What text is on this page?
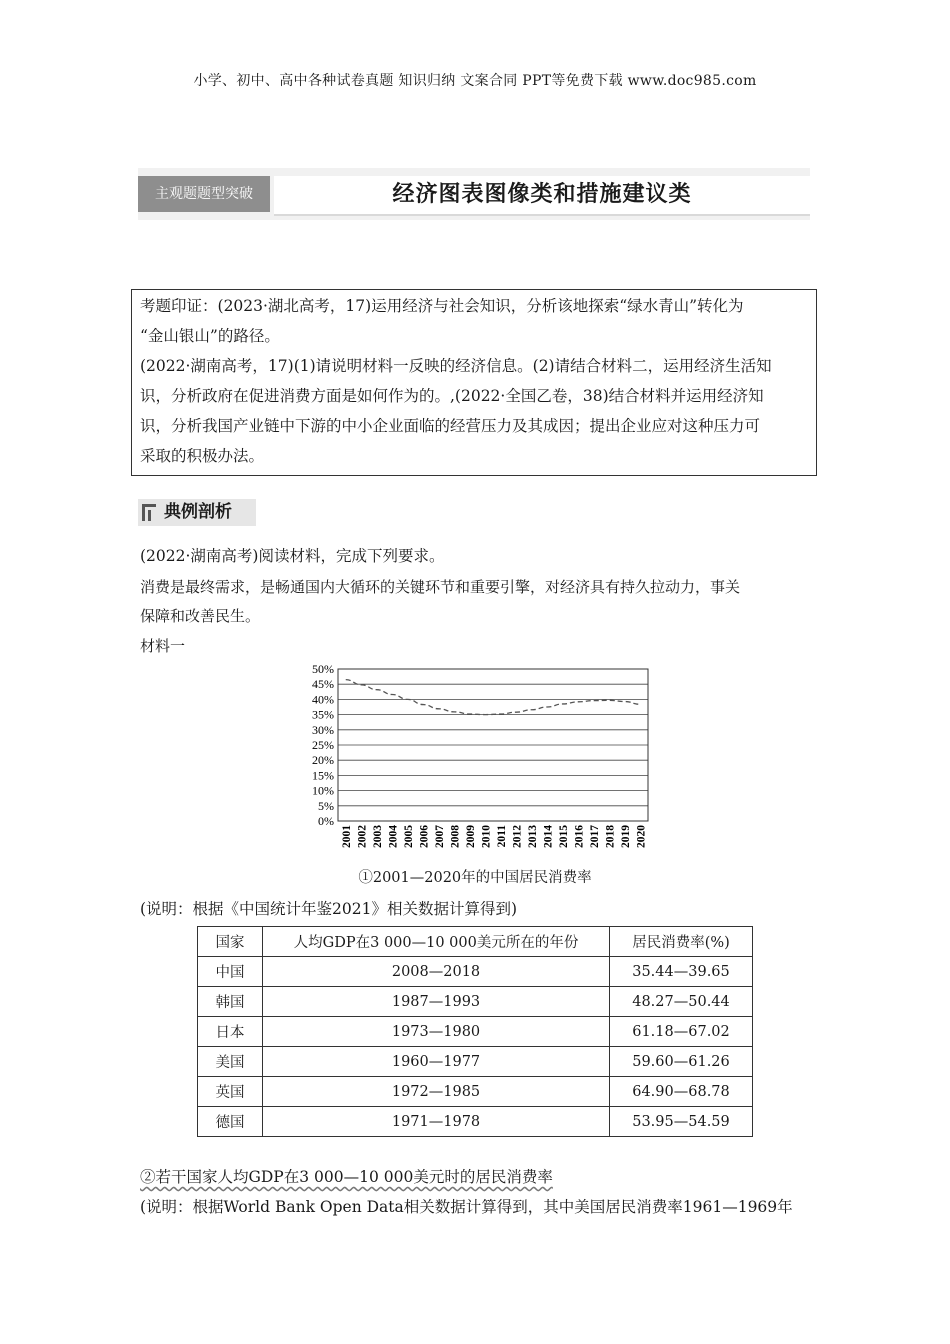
小学、初中、高中各种试卷真题 知识归纳 文案合同 PPT等免费下载 www.doc985.com
主观题题型突破	经济图表图像类和措施建议类
考题印证：(2023·湖北高考，17)运用经济与社会知识，分析该地探索“绿水青山”转化为
“金山银山”的路径。
(2022·湖南高考，17)(1)请说明材料一反映的经济信息。(2)请结合材料二，运用经济生活知
识，分析政府在促进消费方面是如何作为的。,(2022·全国乙卷，38)结合材料并运用经济知
识，分析我国产业链中下游的中小企业面临的经营压力及其成因；提出企业应对这种压力可
采取的积极办法。
典例剖析
(2022·湖南高考)阅读材料，完成下列要求。
消费是最终需求，是畅通国内大循环的关键环节和重要引擎，对经济具有持久拉动力，事关
保障和改善民生。
材料一
0%
5%
10%
15%
20%
25%
30%
35%
40%
45%
50%
2001 2002 2003 2004 2005 2006 2007 2008 2009 2010 2011 2012 2013 2014 2015 2016 2017 2018 2019 2020
①2001—2020年的中国居民消费率
(说明：根据《中国统计年鉴2021》相关数据计算得到)
国家	人均GDP在3 000—10 000美元所在的年份	居民消费率(%)
中国	2008—2018	35.44—39.65
韩国	1987—1993	48.27—50.44
日本	1973—1980	61.18—67.02
美国	1960—1977	59.60—61.26
英国	1972—1985	64.90—68.78
德国	1971—1978	53.95—54.59
②若干国家人均GDP在3 000—10 000美元时的居民消费率
(说明：根据World Bank Open Data相关数据计算得到，其中美国居民消费率1961—1969年
